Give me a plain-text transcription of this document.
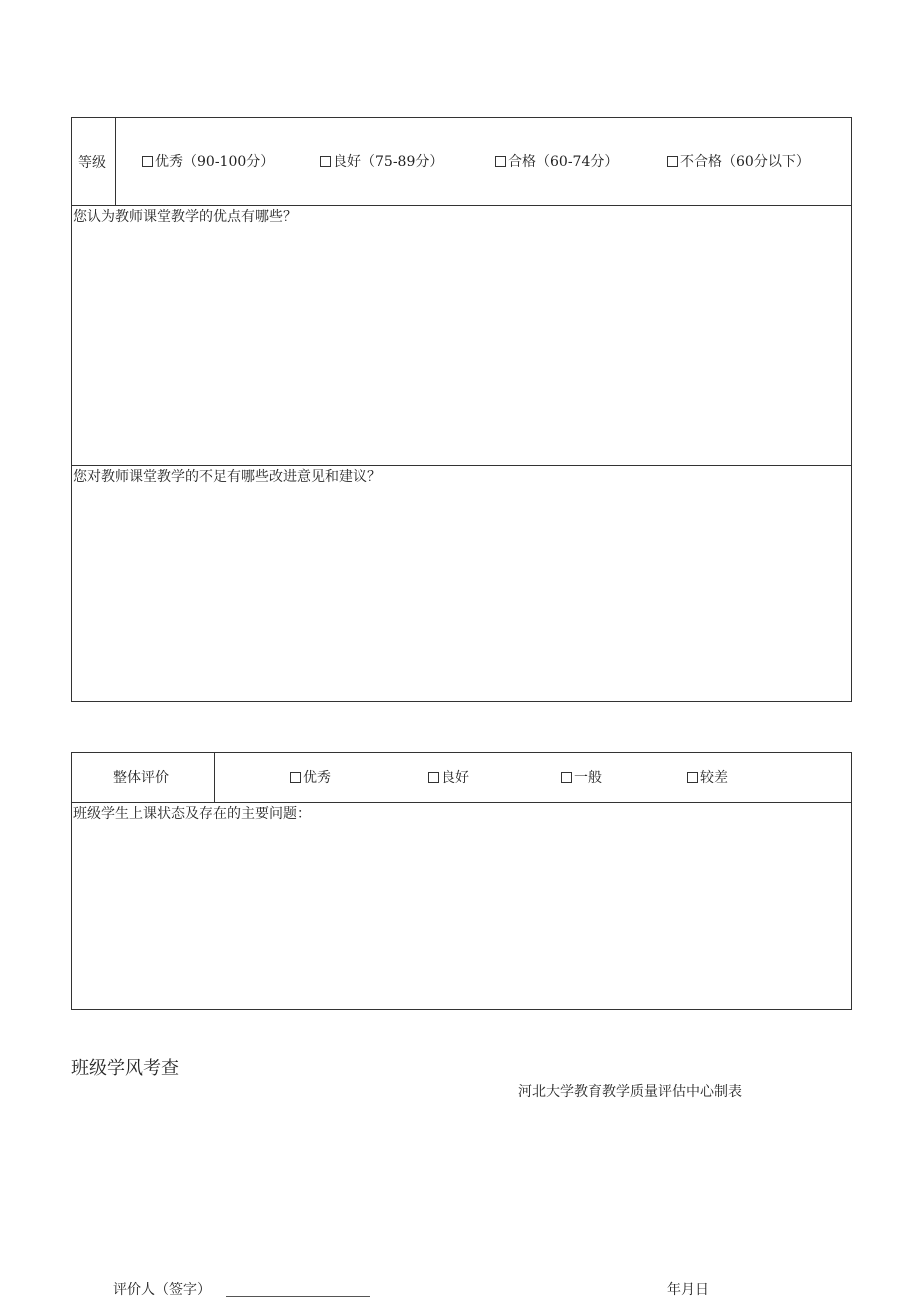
等级	优秀（90-100分）	良好（75-89分）	合格（60-74分）	不合格（60分以下）
您认为教师课堂教学的优点有哪些？
您对教师课堂教学的不足有哪些改进意见和建议？
整体评价	优秀	良好	一般	较差
班级学生上课状态及存在的主要问题：
班级学风考查
河北大学教育教学质量评估中心制表
评价人（签字）	年月日
